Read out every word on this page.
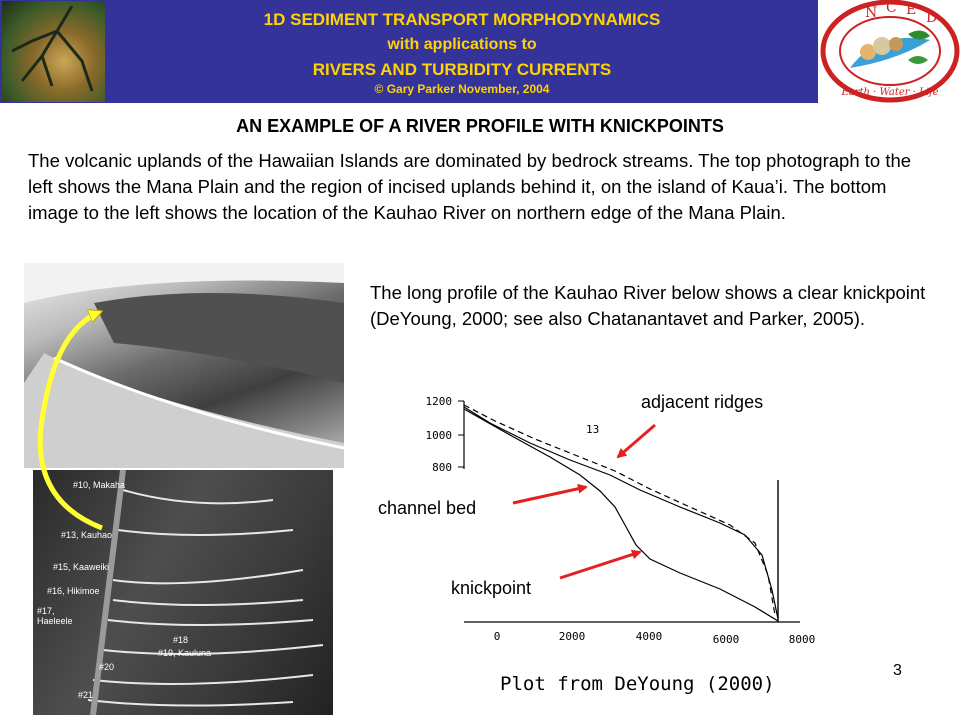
N C E D
Earth · Water · Life
1D SEDIMENT TRANSPORT MORPHODYNAMICS
with applications to
RIVERS AND TURBIDITY CURRENTS
© Gary Parker November, 2004
AN EXAMPLE OF A RIVER PROFILE WITH KNICKPOINTS
The volcanic uplands of the Hawaiian Islands are dominated by bedrock streams. The top photograph to the left shows the Mana Plain and the region of incised uplands behind it, on the island of Kaua’i. The bottom image to the left shows the location of the Kauhao River on northern edge of the Mana Plain.
The long profile of the Kauhao River below shows a clear knickpoint (DeYoung, 2000; see also Chatanantavet and Parker, 2005).
#10, Makaha
#13, Kauhao
#15, Kaaweiki
#16, Hikimoe
#17, Haeleele
#18
#19, Kauluna
#20
#21
1200
1000
800
0	2000	4000	6000	8000
13
adjacent ridges
channel bed
knickpoint
Plot from DeYoung (2000)
3
